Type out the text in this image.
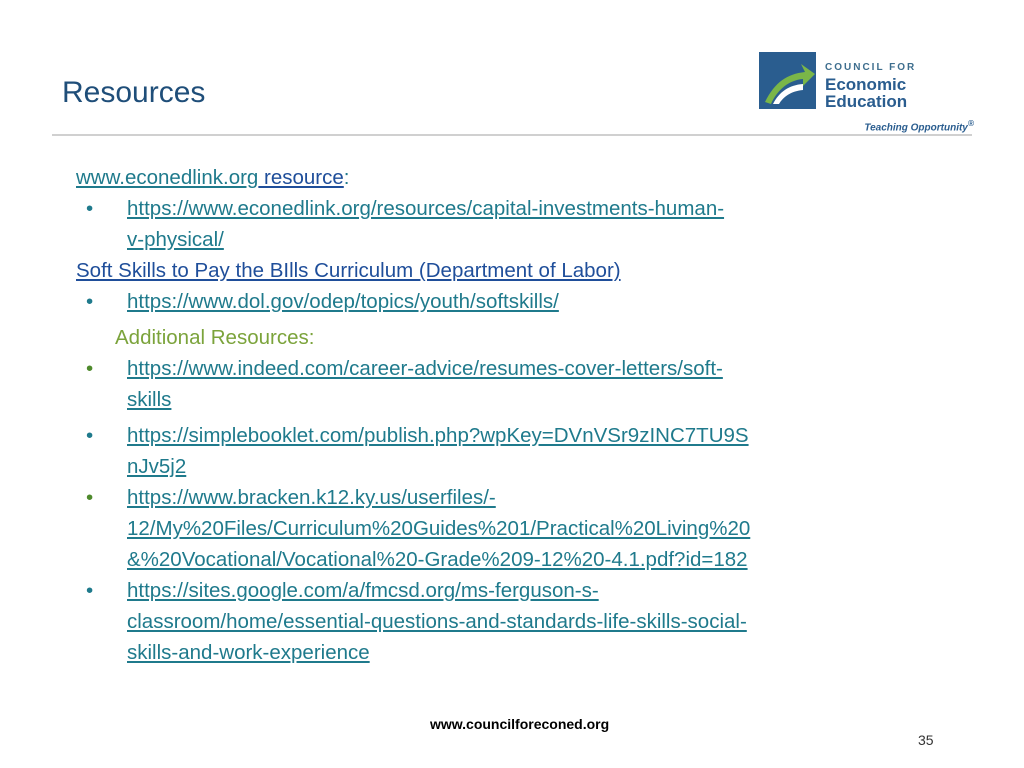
Resources
COUNCIL FOR
Economic
Education
Teaching Opportunity®
www.econedlink.org resource:
• https://www.econedlink.org/resources/capital-investments-human-
v-physical/
Soft Skills to Pay the BIlls Curriculum (Department of Labor)
• https://www.dol.gov/odep/topics/youth/softskills/
Additional Resources:
• https://www.indeed.com/career-advice/resumes-cover-letters/soft-
skills
• https://simplebooklet.com/publish.php?wpKey=DVnVSr9zINC7TU9S
nJv5j2
• https://www.bracken.k12.ky.us/userfiles/-
12/My%20Files/Curriculum%20Guides%201/Practical%20Living%20
&%20Vocational/Vocational%20-Grade%209-12%20-4.1.pdf?id=182
• https://sites.google.com/a/fmcsd.org/ms-ferguson-s-
classroom/home/essential-questions-and-standards-life-skills-social-
skills-and-work-experience
www.councilforeconed.org
35
